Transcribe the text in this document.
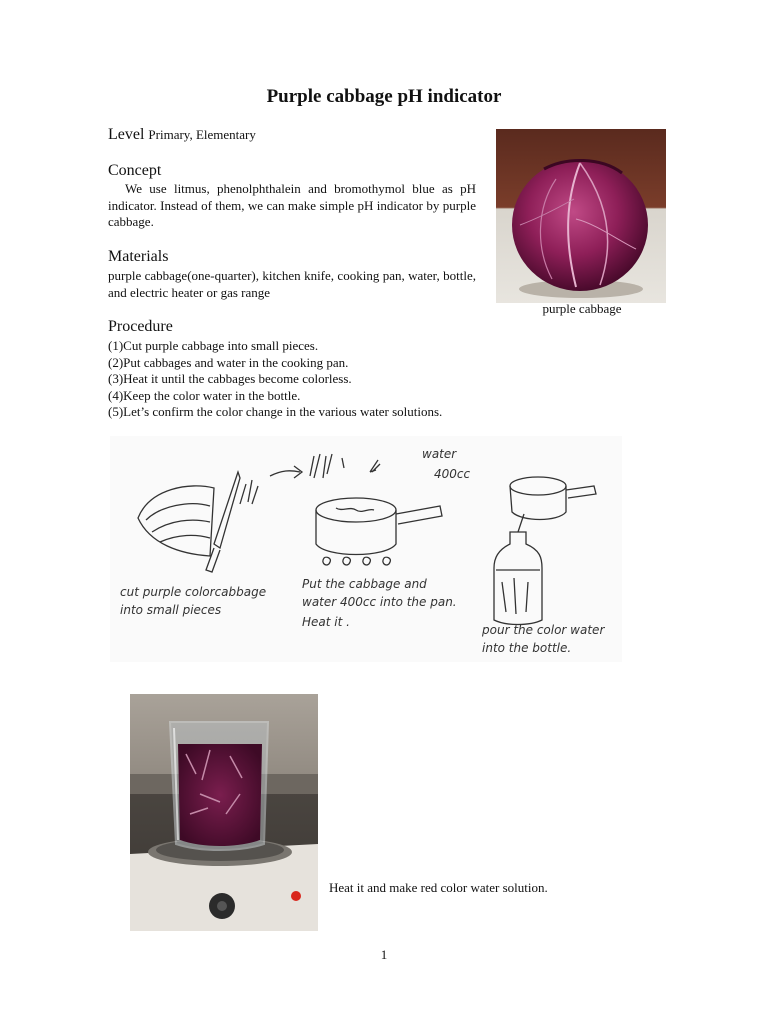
Purple cabbage pH indicator
Level Primary, Elementary
Concept
We use litmus, phenolphthalein and bromothymol blue as pH indicator. Instead of them, we can make simple pH indicator by purple cabbage.
Materials
purple cabbage(one-quarter), kitchen knife, cooking pan, water, bottle, and electric heater or gas range
purple cabbage
Procedure
(1)Cut purple cabbage into small pieces.
(2)Put cabbages and water in the cooking pan.
(3)Heat it until the cabbages become colorless.
(4)Keep the color water in the bottle.
(5)Let’s confirm the color change in the various water solutions.
water
400cc
cut purple colorcabbage
into small pieces
Put the cabbage and
water 400cc into the pan.
Heat it .
pour the color water
into the bottle.
Heat it and make red color water solution.
1
